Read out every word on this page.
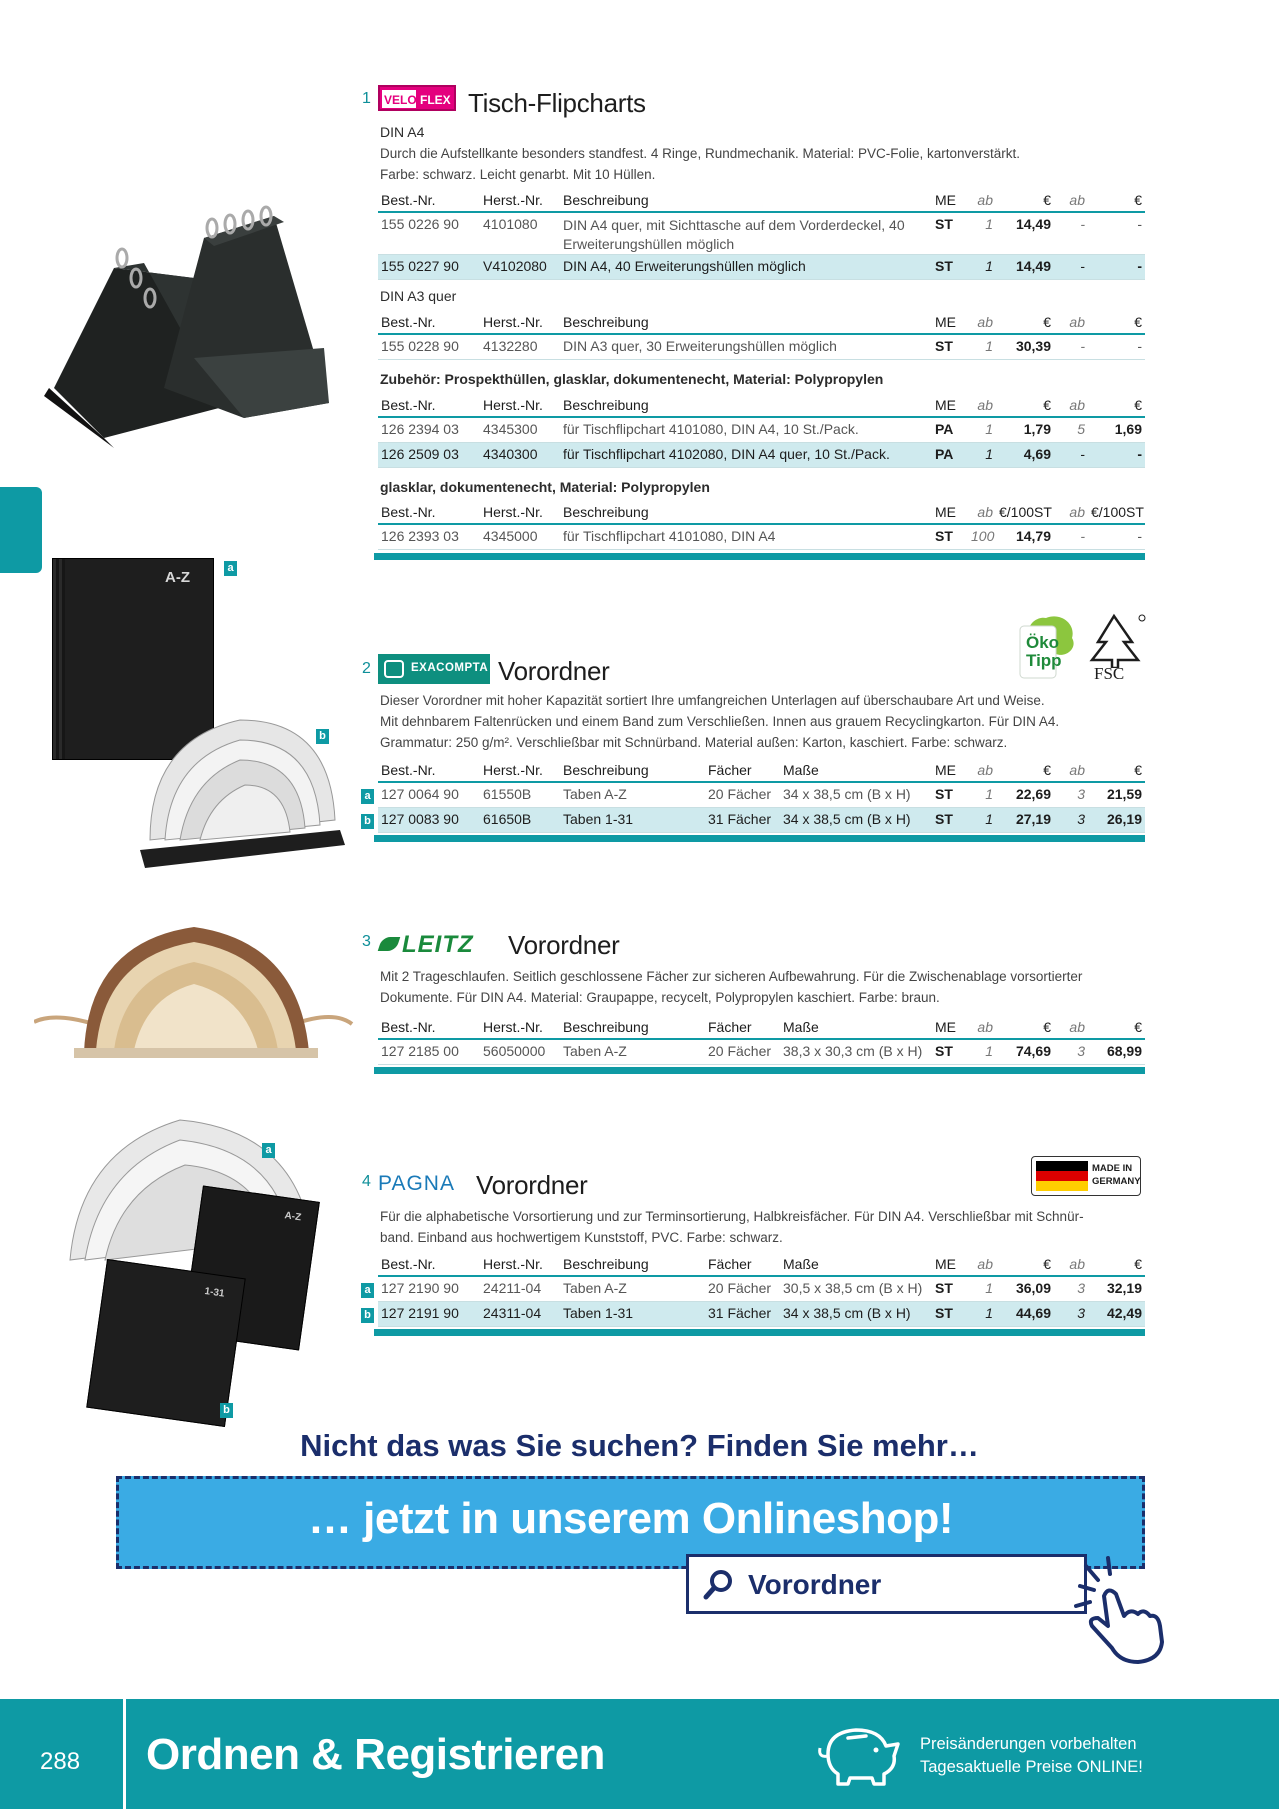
1 VELO FLEX Tisch-Flipcharts
DIN A4
Durch die Aufstellkante besonders standfest. 4 Ringe, Rundmechanik. Material: PVC-Folie, kartonverstärkt.
Farbe: schwarz. Leicht genarbt. Mit 10 Hüllen.
Best.-Nr.	Herst.-Nr.	Beschreibung	ME	ab	€	ab	€
155 0226 90	4101080	DIN A4 quer, mit Sichttasche auf dem Vorderdeckel, 40 Erweiterungshüllen möglich	ST	1	14,49	-	-
155 0227 90	V4102080	DIN A4, 40 Erweiterungshüllen möglich	ST	1	14,49	-	-
DIN A3 quer
Best.-Nr.	Herst.-Nr.	Beschreibung	ME	ab	€	ab	€
155 0228 90	4132280	DIN A3 quer, 30 Erweiterungshüllen möglich	ST	1	30,39	-	-
Zubehör: Prospekthüllen, glasklar, dokumentenecht, Material: Polypropylen
Best.-Nr.	Herst.-Nr.	Beschreibung	ME	ab	€	ab	€
126 2394 03	4345300	für Tischflipchart 4101080, DIN A4, 10 St./Pack.	PA	1	1,79	5	1,69
126 2509 03	4340300	für Tischflipchart 4102080, DIN A4 quer, 10 St./Pack.	PA	1	4,69	-	-
glasklar, dokumentenecht, Material: Polypropylen
Best.-Nr.	Herst.-Nr.	Beschreibung	ME	ab	€/100ST	ab	€/100ST
126 2393 03	4345000	für Tischflipchart 4101080, DIN A4	ST	100	14,79	-	-
Öko
Tipp
FSC
2	EXACOMPTA Vorordner
Dieser Vorordner mit hoher Kapazität sortiert Ihre umfangreichen Unterlagen auf überschaubare Art und Weise.
Mit dehnbarem Faltenrücken und einem Band zum Verschließen. Innen aus grauem Recyclingkarton. Für DIN A4.
Grammatur: 250 g/m². Verschließbar mit Schnürband. Material außen: Karton, kaschiert. Farbe: schwarz.
A-Z
a
b
Best.-Nr.	Herst.-Nr.	Beschreibung	Fächer	Maße	ME	ab	€	ab	€
127 0064 90	61550B	Taben A-Z	20 Fächer	34 x 38,5 cm (B x H)	ST	1	22,69	3	21,59
127 0083 90	61650B	Taben 1-31	31 Fächer	34 x 38,5 cm (B x H)	ST	1	27,19	3	26,19
a
b
3 LEITZ Vorordner
Mit 2 Trageschlaufen. Seitlich geschlossene Fächer zur sicheren Aufbewahrung. Für die Zwischenablage vorsortierter
Dokumente. Für DIN A4. Material: Graupappe, recycelt, Polypropylen kaschiert. Farbe: braun.
Best.-Nr.	Herst.-Nr.	Beschreibung	Fächer	Maße	ME	ab	€	ab	€
127 2185 00	56050000	Taben A-Z	20 Fächer	38,3 x 30,3 cm (B x H)	ST	1	74,69	3	68,99
A-Z
1-31
a
b
MADE IN
GERMANY
4 PAGNA Vorordner
Für die alphabetische Vorsortierung und zur Terminsortierung, Halbkreisfächer. Für DIN A4. Verschließbar mit Schnür-
band. Einband aus hochwertigem Kunststoff, PVC. Farbe: schwarz.
Best.-Nr.	Herst.-Nr.	Beschreibung	Fächer	Maße	ME	ab	€	ab	€
127 2190 90	24211-04	Taben A-Z	20 Fächer	30,5 x 38,5 cm (B x H)	ST	1	36,09	3	32,19
127 2191 90	24311-04	Taben 1-31	31 Fächer	34 x 38,5 cm (B x H)	ST	1	44,69	3	42,49
a
b
Nicht das was Sie suchen? Finden Sie mehr…
… jetzt in unserem Onlineshop!
Vorordner
288 Ordnen & Registrieren	Preisänderungen vorbehalten
Tagesaktuelle Preise ONLINE!
